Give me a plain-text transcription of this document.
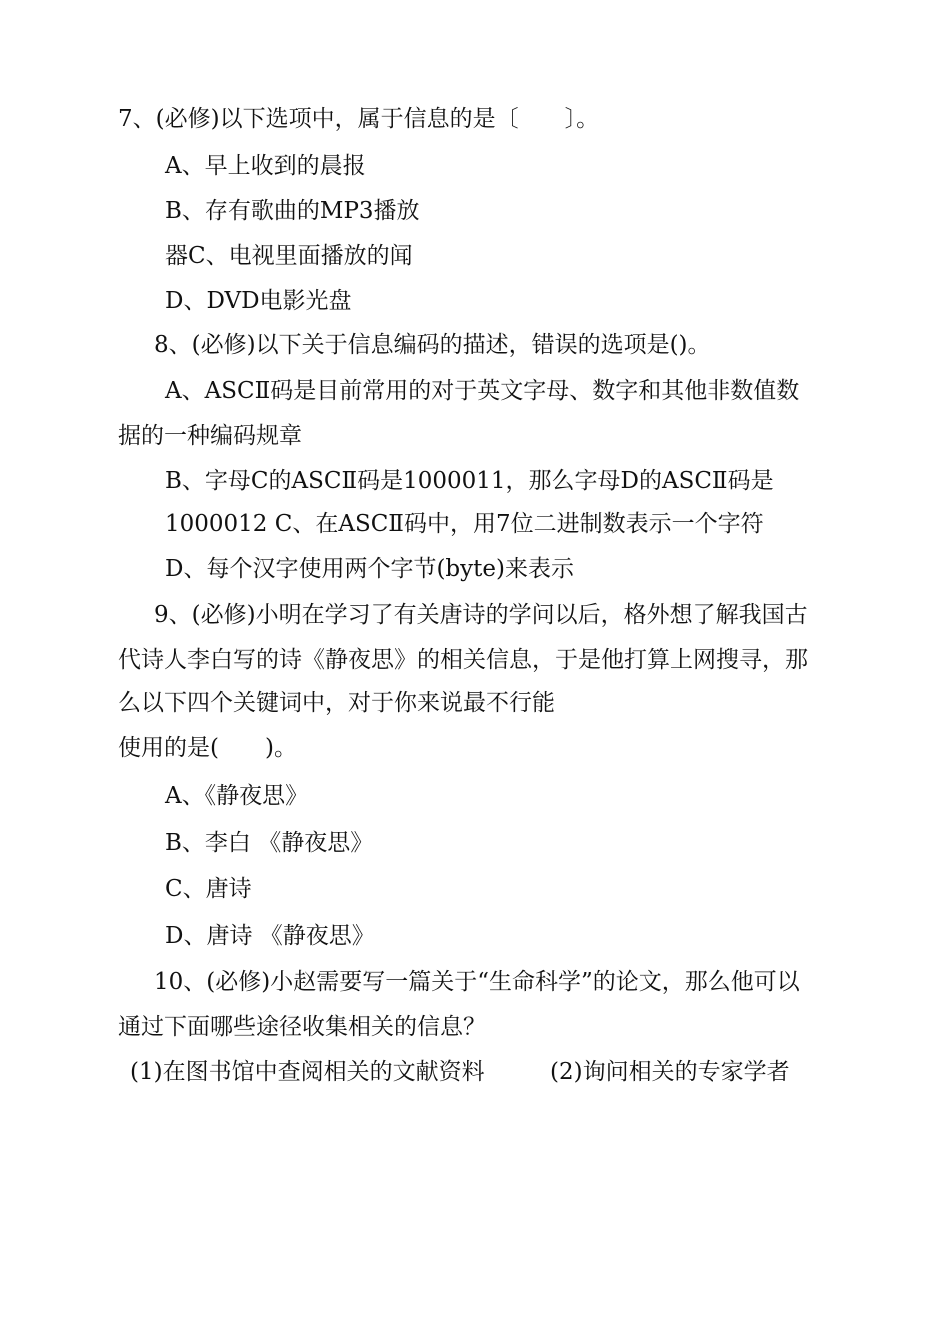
7、(必修)以下选项中，属于信息的是〔　　〕。
A、早上收到的晨报
B、存有歌曲的MP3播放
器C、电视里面播放的闻
D、DVD电影光盘
8、(必修)以下关于信息编码的描述，错误的选项是()。
A、ASCⅡ码是目前常用的对于英文字母、数字和其他非数值数
据的一种编码规章
B、字母C的ASCⅡ码是1000011，那么字母D的ASCⅡ码是
1000012 C、在ASCⅡ码中，用7位二进制数表示一个字符
D、每个汉字使用两个字节(byte)来表示
9、(必修)小明在学习了有关唐诗的学问以后，格外想了解我国古
代诗人李白写的诗《静夜思》的相关信息，于是他打算上网搜寻，那
么以下四个关键词中，对于你来说最不行能
使用的是(　　)。
A、《静夜思》
B、李白 《静夜思》
C、唐诗
D、唐诗 《静夜思》
10、(必修)小赵需要写一篇关于“生命科学”的论文，那么他可以
通过下面哪些途径收集相关的信息？
(1)在图书馆中查阅相关的文献资料	(2)询问相关的专家学者
